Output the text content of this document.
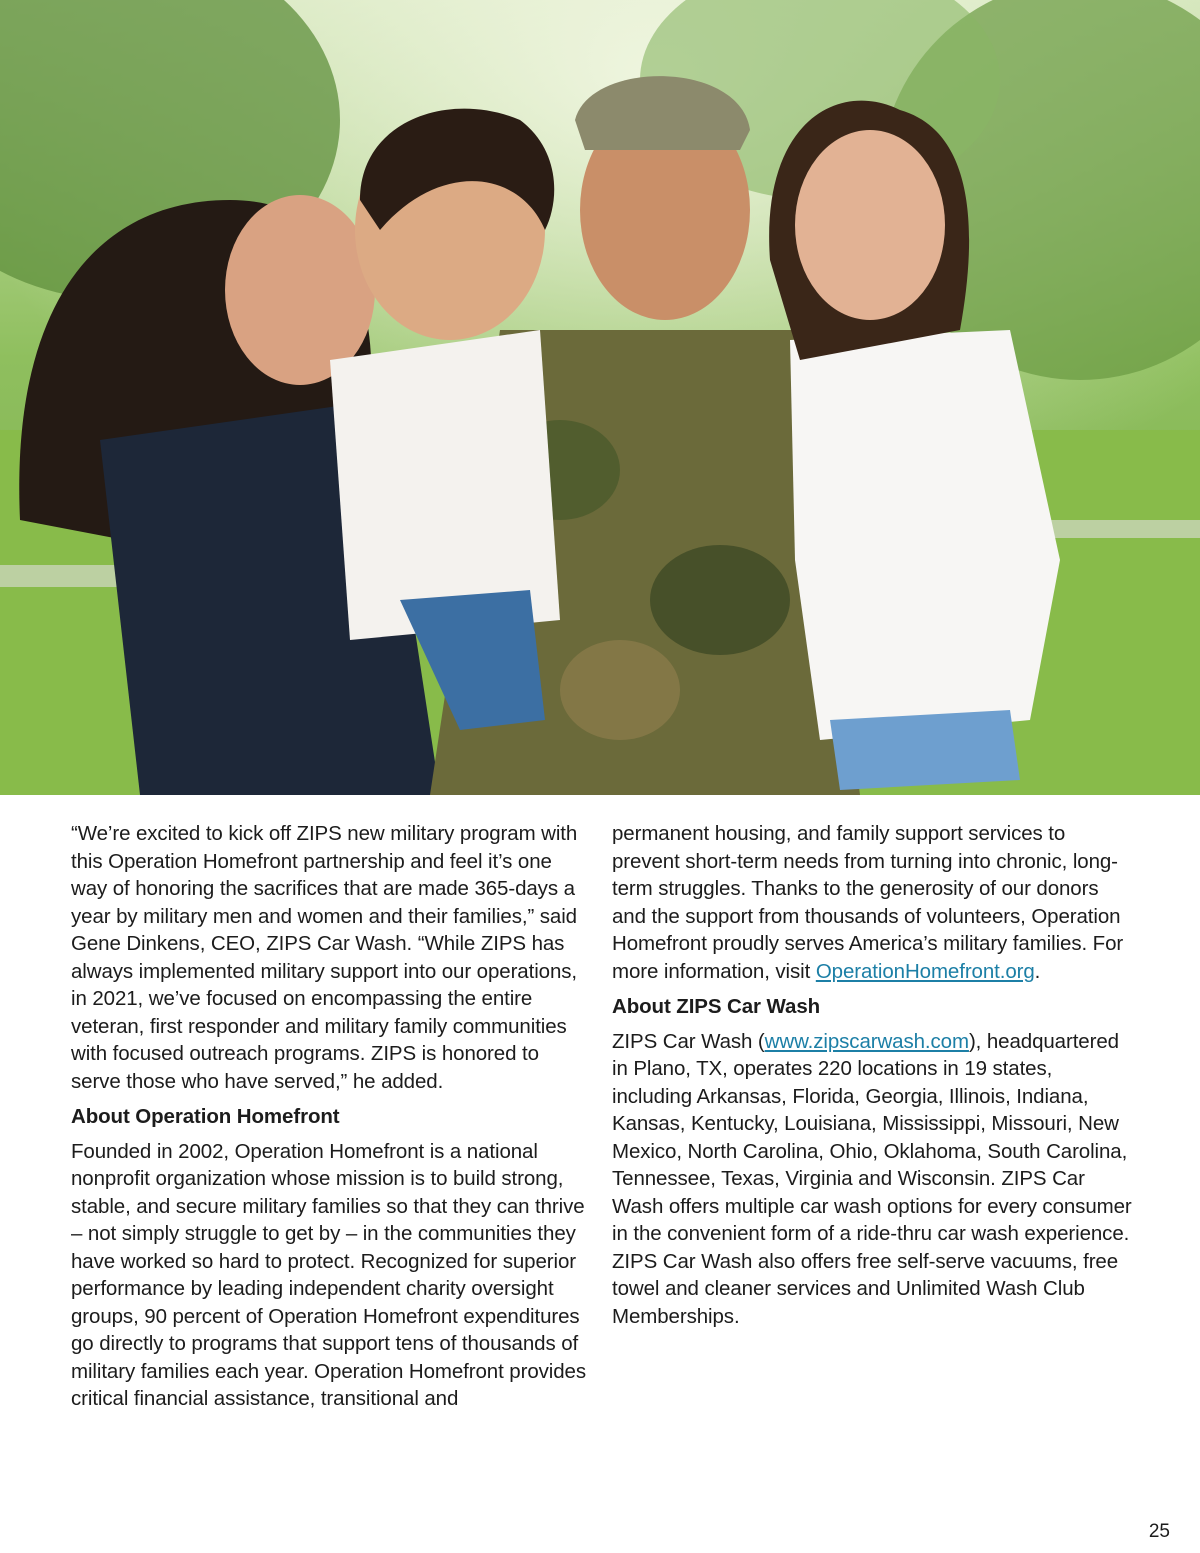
“We’re excited to kick off ZIPS new military program with this Operation Homefront partnership and feel it’s one way of honoring the sacrifices that are made 365-days a year by military men and women and their families,” said Gene Dinkens, CEO, ZIPS Car Wash. “While ZIPS has always implemented military support into our operations, in 2021, we’ve focused on encompassing the entire veteran, first responder and military family communities with focused outreach programs. ZIPS is honored to serve those who have served,” he added.

About Operation Homefront

Founded in 2002, Operation Homefront is a national nonprofit organization whose mission is to build strong, stable, and secure military families so that they can thrive – not simply struggle to get by – in the communities they have worked so hard to protect. Recognized for superior performance by leading independent charity oversight groups, 90 percent of Operation Homefront expenditures go directly to programs that support tens of thousands of military families each year. Operation Homefront provides critical financial assistance, transitional and

permanent housing, and family support services to prevent short-term needs from turning into chronic, long-term struggles. Thanks to the generosity of our donors and the support from thousands of volunteers, Operation Homefront proudly serves America’s military families. For more information, visit OperationHomefront.org.

About ZIPS Car Wash

ZIPS Car Wash (www.zipscarwash.com), headquartered in Plano, TX, operates 220 locations in 19 states, including Arkansas, Florida, Georgia, Illinois, Indiana, Kansas, Kentucky, Louisiana, Mississippi, Missouri, New Mexico, North Carolina, Ohio, Oklahoma, South Carolina, Tennessee, Texas, Virginia and Wisconsin. ZIPS Car Wash offers multiple car wash options for every consumer in the convenient form of a ride-thru car wash experience. ZIPS Car Wash also offers free self-serve vacuums, free towel and cleaner services and Unlimited Wash Club Memberships.

25
